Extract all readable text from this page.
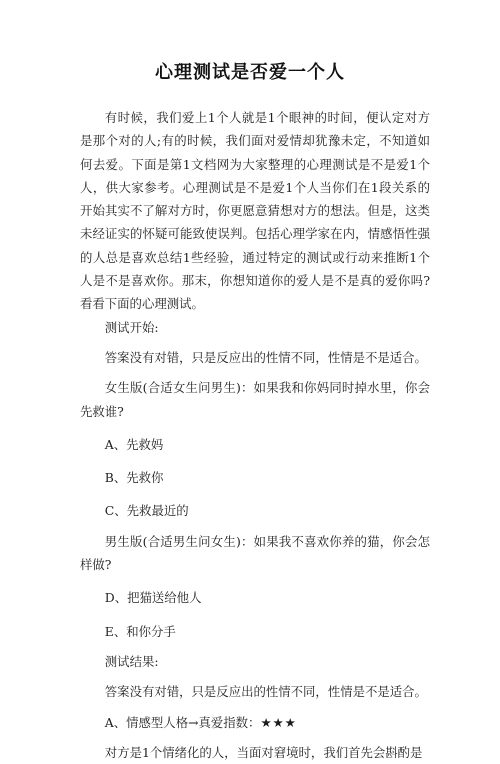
心理测试是否爱一个人

有时候，我们爱上1个人就是1个眼神的时间，便认定对方是那个对的人;有的时候，我们面对爱情却犹豫未定，不知道如何去爱。下面是第1文档网为大家整理的心理测试是不是爱1个人，供大家参考。心理测试是不是爱1个人当你们在1段关系的开始其实不了解对方时，你更愿意猜想对方的想法。但是，这类未经证实的怀疑可能致使误判。包括心理学家在内，情感悟性强的人总是喜欢总结1些经验，通过特定的测试或行动来推断1个人是不是喜欢你。那末，你想知道你的爱人是不是真的爱你吗?看看下面的心理测试。

测试开始:

答案没有对错，只是反应出的性情不同，性情是不是适合。

女生版(合适女生问男生)：如果我和你妈同时掉水里，你会先救谁?

A、先救妈

B、先救你

C、先救最近的

男生版(合适男生问女生)：如果我不喜欢你养的猫，你会怎样做?

D、把猫送给他人

E、和你分手

测试结果:

答案没有对错，只是反应出的性情不同，性情是不是适合。

A、情感型人格→真爱指数：★★★

对方是1个情绪化的人，当面对窘境时，我们首先会斟酌是
